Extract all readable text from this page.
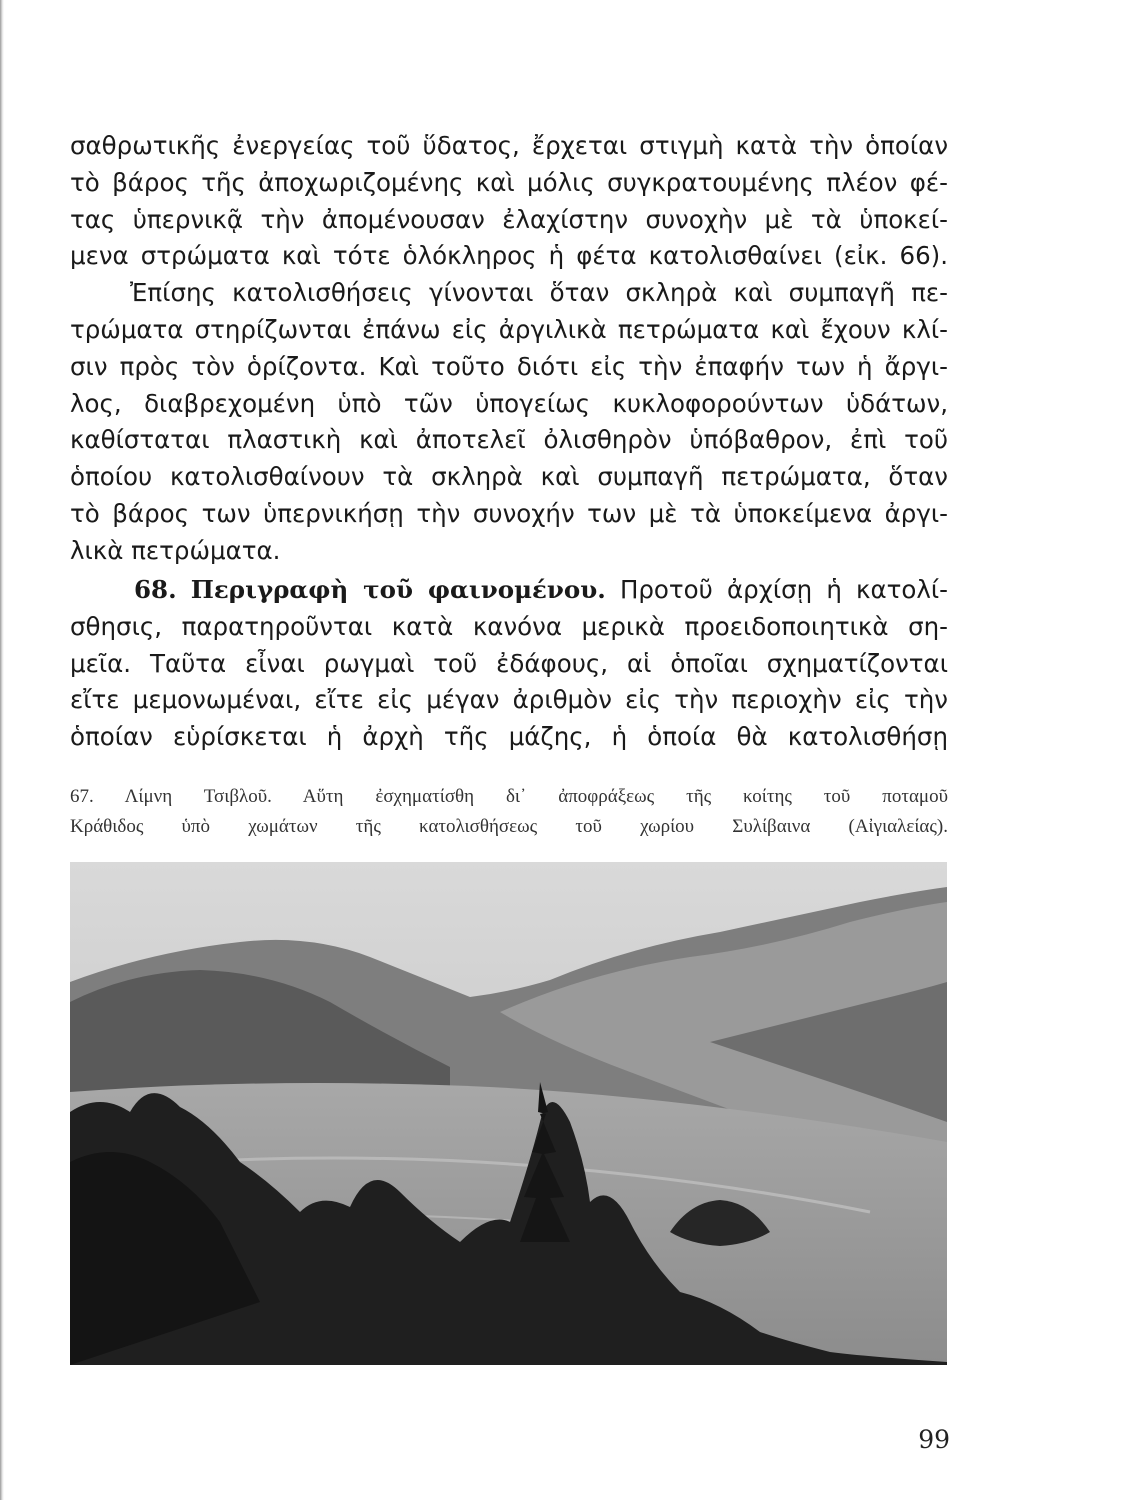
σαθρωτικῆς ἐνεργείας τοῦ ὕδατος, ἔρχεται στιγμὴ κατὰ τὴν ὁποίαν
τὸ βάρος τῆς ἀποχωριζομένης καὶ μόλις συγκρατουμένης πλέον φέ-
τας ὑπερνικᾷ τὴν ἀπομένουσαν ἐλαχίστην συνοχὴν μὲ τὰ ὑποκεί-
μενα στρώματα καὶ τότε ὁλόκληρος ἡ φέτα κατολισθαίνει (εἰκ. 66).
Ἐπίσης κατολισθήσεις γίνονται ὅταν σκληρὰ καὶ συμπαγῆ πε-
τρώματα στηρίζωνται ἐπάνω εἰς ἀργιλικὰ πετρώματα καὶ ἔχουν κλί-
σιν πρὸς τὸν ὁρίζοντα. Καὶ τοῦτο διότι εἰς τὴν ἐπαφήν των ἡ ἄργι-
λος, διαβρεχομένη ὑπὸ τῶν ὑπογείως κυκλοφορούντων ὑδάτων,
καθίσταται πλαστικὴ καὶ ἀποτελεῖ ὀλισθηρὸν ὑπόβαθρον, ἐπὶ τοῦ
ὁποίου κατολισθαίνουν τὰ σκληρὰ καὶ συμπαγῆ πετρώματα, ὅταν
τὸ βάρος των ὑπερνικήσῃ τὴν συνοχήν των μὲ τὰ ὑποκείμενα ἀργι-
λικὰ πετρώματα.
68. Περιγραφὴ τοῦ φαινομένου. Προτοῦ ἀρχίσῃ ἡ κατολί-
σθησις, παρατηροῦνται κατὰ κανόνα μερικὰ προειδοποιητικὰ ση-
μεῖα. Ταῦτα εἶναι ρωγμαὶ τοῦ ἐδάφους, αἱ ὁποῖαι σχηματίζονται
εἴτε μεμονωμέναι, εἴτε εἰς μέγαν ἀριθμὸν εἰς τὴν περιοχὴν εἰς τὴν
ὁποίαν εὑρίσκεται ἡ ἀρχὴ τῆς μάζης, ἡ ὁποία θὰ κατολισθήσῃ
67. Λίμνη Τσιβλοῦ. Αὕτη ἐσχηματίσθη δι᾽ ἀποφράξεως τῆς κοίτης τοῦ ποταμοῦ
Κράθιδος ὑπὸ χωμάτων τῆς κατολισθήσεως τοῦ χωρίου Συλίβαινα (Αἰγιαλείας).
99
